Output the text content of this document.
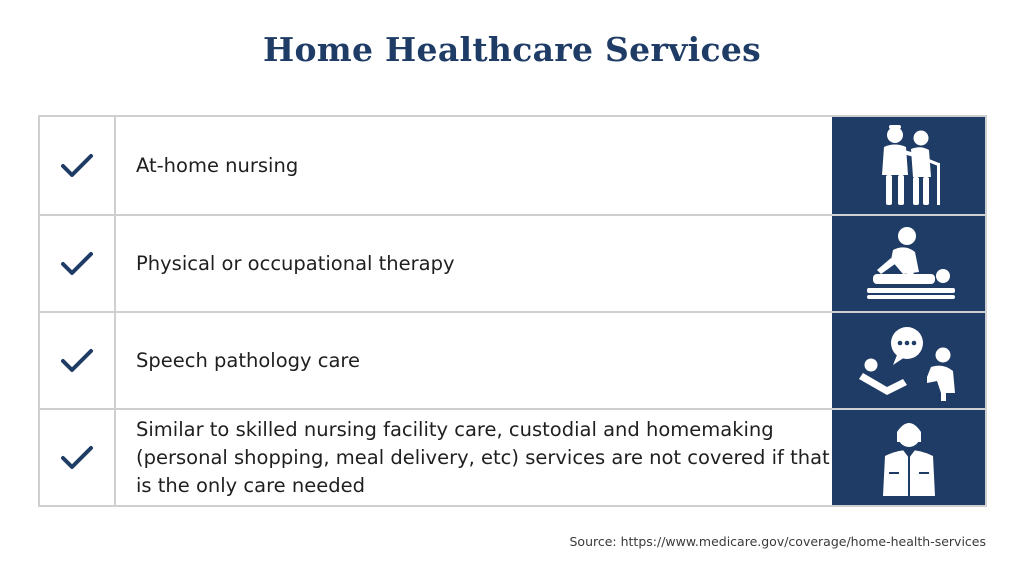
Home Healthcare Services
At-home nursing
Physical or occupational therapy
Speech pathology care
Similar to skilled nursing facility care, custodial and homemaking (personal shopping, meal delivery, etc) services are not covered if that is the only care needed
Source: https://www.medicare.gov/coverage/home-health-services
